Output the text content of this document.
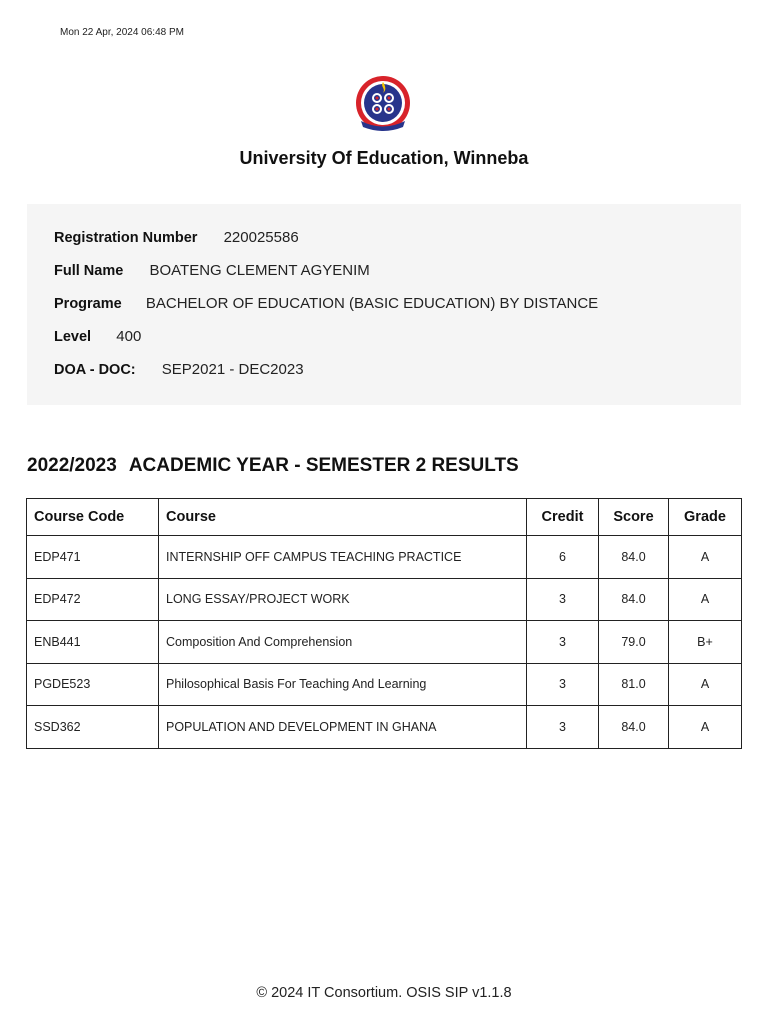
Mon 22 Apr, 2024 06:48 PM
University Of Education, Winneba
Registration Number 220025586
Full Name BOATENG CLEMENT AGYENIM
Programe BACHELOR OF EDUCATION (BASIC EDUCATION) BY DISTANCE
Level 400
DOA - DOC: SEP2021 - DEC2023
2022/2023 ACADEMIC YEAR - SEMESTER 2 RESULTS
Course Code	Course	Credit	Score	Grade
EDP471	INTERNSHIP OFF CAMPUS TEACHING PRACTICE	6	84.0	A
EDP472	LONG ESSAY/PROJECT WORK	3	84.0	A
ENB441	Composition And Comprehension	3	79.0	B+
PGDE523	Philosophical Basis For Teaching And Learning	3	81.0	A
SSD362	POPULATION AND DEVELOPMENT IN GHANA	3	84.0	A
© 2024 IT Consortium. OSIS SIP v1.1.8
